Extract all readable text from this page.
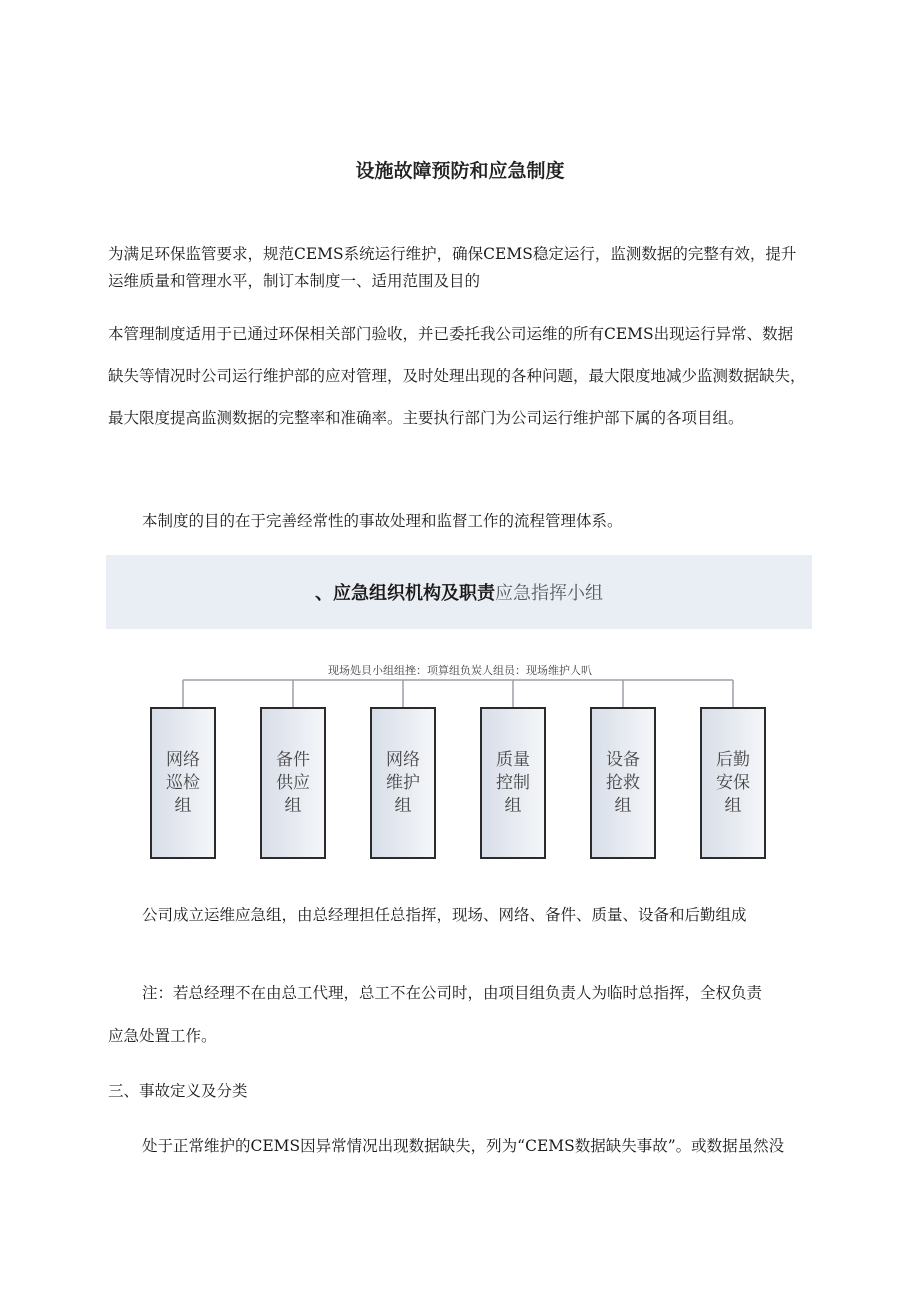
设施故障预防和应急制度
为满足环保监管要求，规范CEMS系统运行维护，确保CEMS稳定运行，监测数据的完整有效，提升运维质量和管理水平，制订本制度一、适用范围及目的
本管理制度适用于已通过环保相关部门验收，并已委托我公司运维的所有CEMS出现运行异常、数据缺失等情况时公司运行维护部的应对管理，及时处理出现的各种问题，最大限度地减少监测数据缺失，最大限度提高监测数据的完整率和准确率。主要执行部门为公司运行维护部下属的各项目组。
本制度的目的在于完善经常性的事故处理和监督工作的流程管理体系。
、应急组织机构及职责 应急指挥小组
现场処貝小组组挫：项算组负炭人组员：现场维护人叭
网络巡检组
备件供应组
网络维护组
质量控制组
设备抢救组
后勤安保组
公司成立运维应急组，由总经理担任总指挥，现场、网络、备件、质量、设备和后勤组成
注：若总经理不在由总工代理，总工不在公司时，由项目组负责人为临时总指挥，全权负责
应急处置工作。
三、事故定义及分类
处于正常维护的CEMS因异常情况出现数据缺失，列为“CEMS数据缺失事故”。或数据虽然没
